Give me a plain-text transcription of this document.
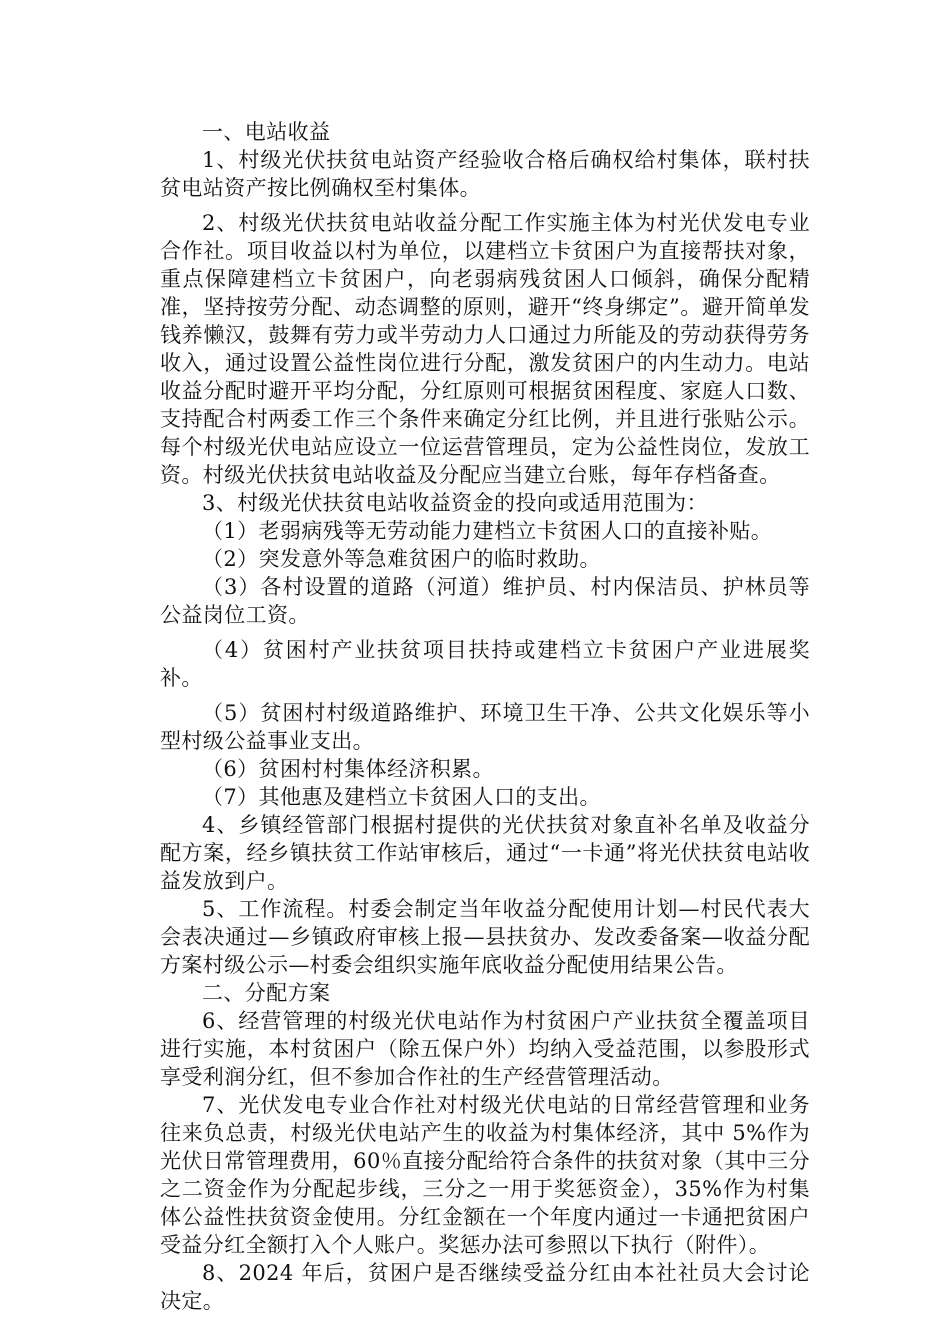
一、电站收益

1、村级光伏扶贫电站资产经验收合格后确权给村集体，联村扶贫电站资产按比例确权至村集体。

2、村级光伏扶贫电站收益分配工作实施主体为村光伏发电专业合作社。项目收益以村为单位，以建档立卡贫困户为直接帮扶对象，重点保障建档立卡贫困户，向老弱病残贫困人口倾斜，确保分配精准，坚持按劳分配、动态调整的原则，避开“终身绑定”。避开简单发钱养懒汉，鼓舞有劳力或半劳动力人口通过力所能及的劳动获得劳务收入，通过设置公益性岗位进行分配，激发贫困户的内生动力。电站收益分配时避开平均分配，分红原则可根据贫困程度、家庭人口数、支持配合村两委工作三个条件来确定分红比例，并且进行张贴公示。每个村级光伏电站应设立一位运营管理员，定为公益性岗位，发放工资。村级光伏扶贫电站收益及分配应当建立台账，每年存档备查。

3、村级光伏扶贫电站收益资金的投向或适用范围为：

（1）老弱病残等无劳动能力建档立卡贫困人口的直接补贴。

（2）突发意外等急难贫困户的临时救助。

（3）各村设置的道路（河道）维护员、村内保洁员、护林员等公益岗位工资。

（4）贫困村产业扶贫项目扶持或建档立卡贫困户产业进展奖补。

（5）贫困村村级道路维护、环境卫生干净、公共文化娱乐等小型村级公益事业支出。

（6）贫困村村集体经济积累。

（7）其他惠及建档立卡贫困人口的支出。

4、乡镇经管部门根据村提供的光伏扶贫对象直补名单及收益分配方案，经乡镇扶贫工作站审核后，通过“一卡通”将光伏扶贫电站收益发放到户。

5、工作流程。村委会制定当年收益分配使用计划—村民代表大会表决通过—乡镇政府审核上报—县扶贫办、发改委备案—收益分配方案村级公示—村委会组织实施年底收益分配使用结果公告。

二、分配方案

6、经营管理的村级光伏电站作为村贫困户产业扶贫全覆盖项目进行实施，本村贫困户（除五保户外）均纳入受益范围，以参股形式享受利润分红，但不参加合作社的生产经营管理活动。

7、光伏发电专业合作社对村级光伏电站的日常经营管理和业务往来负总责，村级光伏电站产生的收益为村集体经济，其中 5%作为光伏日常管理费用，60％直接分配给符合条件的扶贫对象（其中三分之二资金作为分配起步线，三分之一用于奖惩资金），35%作为村集体公益性扶贫资金使用。分红金额在一个年度内通过一卡通把贫困户受益分红全额打入个人账户。奖惩办法可参照以下执行（附件）。

8、2024 年后，贫困户是否继续受益分红由本社社员大会讨论决定。
